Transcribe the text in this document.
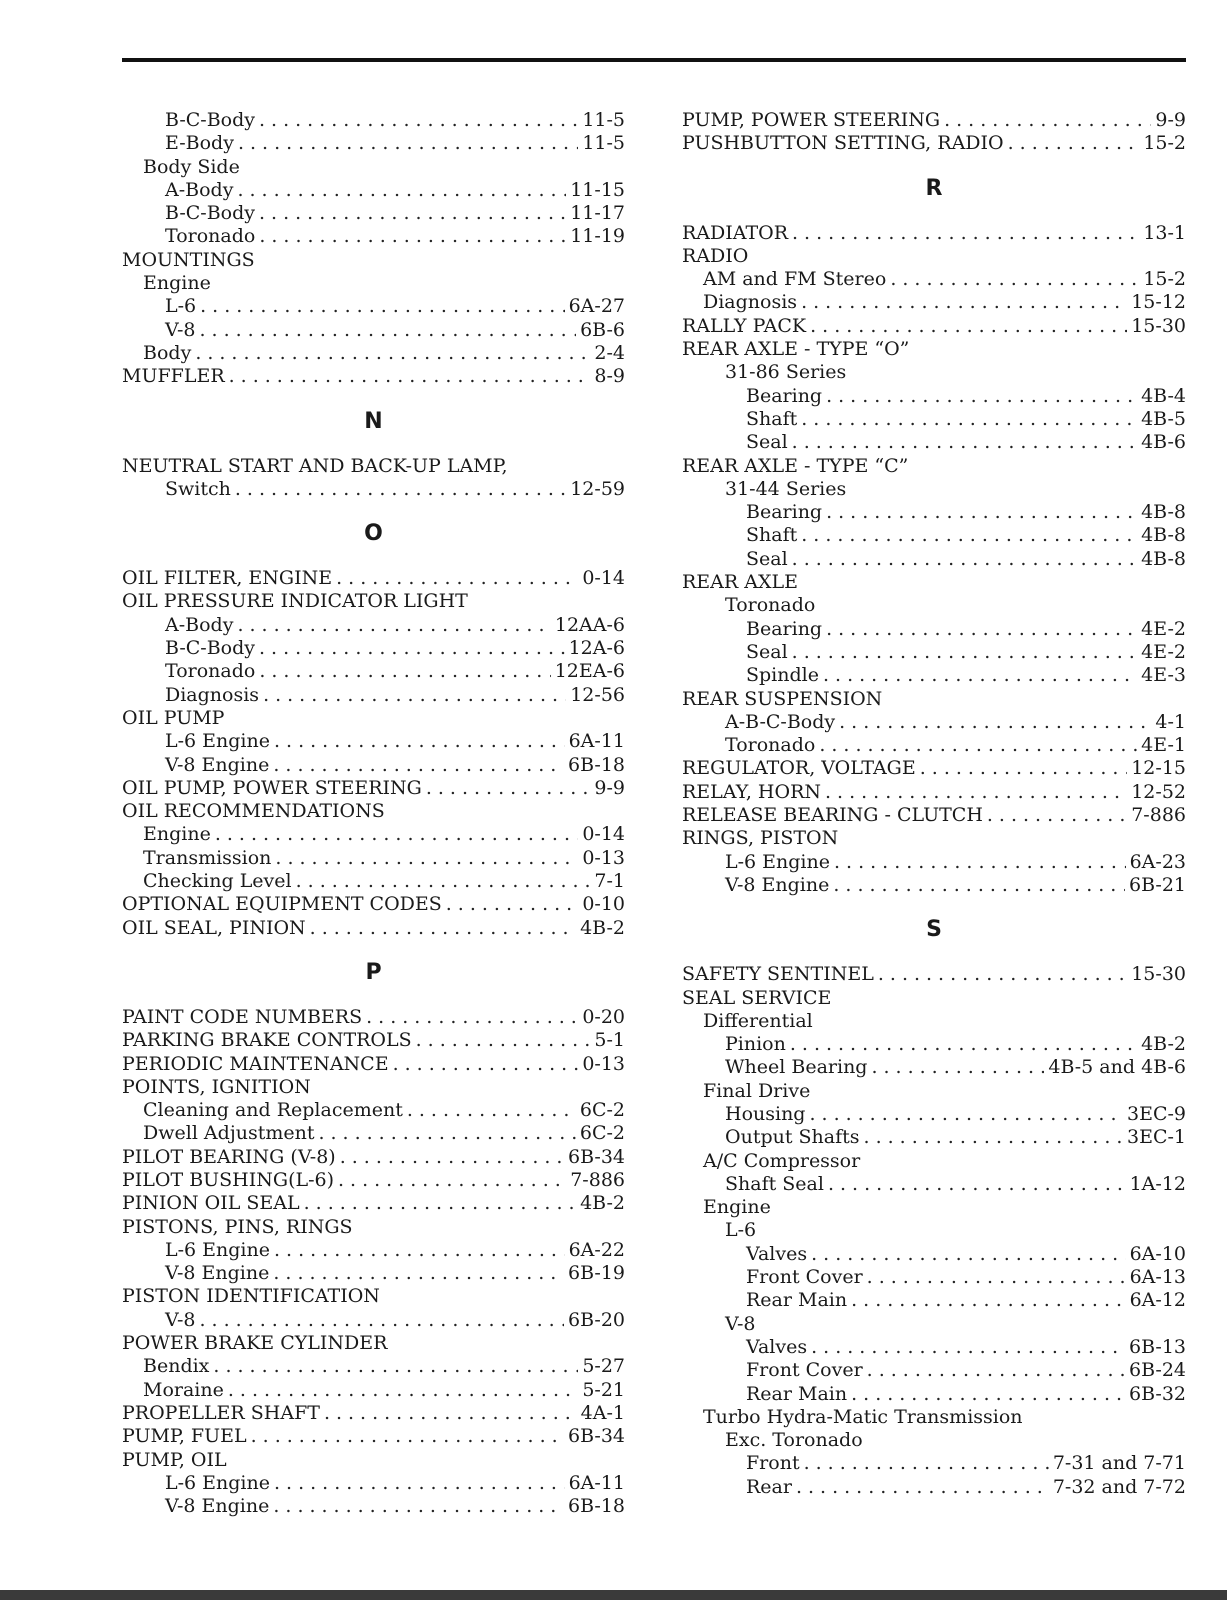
B-C-Body .....	11-5
E-Body .....	11-5
Body Side
A-Body .....	11-15
B-C-Body .....	11-17
Toronado .....	11-19
MOUNTINGS
Engine
L-6 .....	6A-27
V-8 .....	6B-6
Body .....	2-4
MUFFLER .....	8-9
N
NEUTRAL START AND BACK-UP LAMP,
Switch .....	12-59
O
OIL FILTER, ENGINE .....	0-14
OIL PRESSURE INDICATOR LIGHT
A-Body .....	12AA-6
B-C-Body .....	12A-6
Toronado .....	12EA-6
Diagnosis .....	12-56
OIL PUMP
L-6 Engine .....	6A-11
V-8 Engine .....	6B-18
OIL PUMP, POWER STEERING .....	9-9
OIL RECOMMENDATIONS
Engine .....	0-14
Transmission .....	0-13
Checking Level .....	7-1
OPTIONAL EQUIPMENT CODES .....	0-10
OIL SEAL, PINION .....	4B-2
P
PAINT CODE NUMBERS .....	0-20
PARKING BRAKE CONTROLS .....	5-1
PERIODIC MAINTENANCE .....	0-13
POINTS, IGNITION
Cleaning and Replacement .....	6C-2
Dwell Adjustment .....	6C-2
PILOT BEARING (V-8) .....	6B-34
PILOT BUSHING(L-6) .....	7-886
PINION OIL SEAL .....	4B-2
PISTONS, PINS, RINGS
L-6 Engine .....	6A-22
V-8 Engine .....	6B-19
PISTON IDENTIFICATION
V-8 .....	6B-20
POWER BRAKE CYLINDER
Bendix .....	5-27
Moraine .....	5-21
PROPELLER SHAFT .....	4A-1
PUMP, FUEL .....	6B-34
PUMP, OIL
L-6 Engine .....	6A-11
V-8 Engine .....	6B-18
PUMP, POWER STEERING .....	9-9
PUSHBUTTON SETTING, RADIO .....	15-2
R
RADIATOR .....	13-1
RADIO
AM and FM Stereo .....	15-2
Diagnosis .....	15-12
RALLY PACK .....	15-30
REAR AXLE - TYPE “O”
31-86 Series
Bearing .....	4B-4
Shaft .....	4B-5
Seal .....	4B-6
REAR AXLE - TYPE “C”
31-44 Series
Bearing .....	4B-8
Shaft .....	4B-8
Seal .....	4B-8
REAR AXLE
Toronado
Bearing .....	4E-2
Seal .....	4E-2
Spindle .....	4E-3
REAR SUSPENSION
A-B-C-Body .....	4-1
Toronado .....	4E-1
REGULATOR, VOLTAGE .....	12-15
RELAY, HORN .....	12-52
RELEASE BEARING - CLUTCH .....	7-886
RINGS, PISTON
L-6 Engine .....	6A-23
V-8 Engine .....	6B-21
S
SAFETY SENTINEL .....	15-30
SEAL SERVICE
Differential
Pinion .....	4B-2
Wheel Bearing .....	4B-5 and 4B-6
Final Drive
Housing .....	3EC-9
Output Shafts .....	3EC-1
A/C Compressor
Shaft Seal .....	1A-12
Engine
L-6
Valves .....	6A-10
Front Cover .....	6A-13
Rear Main .....	6A-12
V-8
Valves .....	6B-13
Front Cover .....	6B-24
Rear Main .....	6B-32
Turbo Hydra-Matic Transmission
Exc. Toronado
Front .....	7-31 and 7-71
Rear .....	7-32 and 7-72
